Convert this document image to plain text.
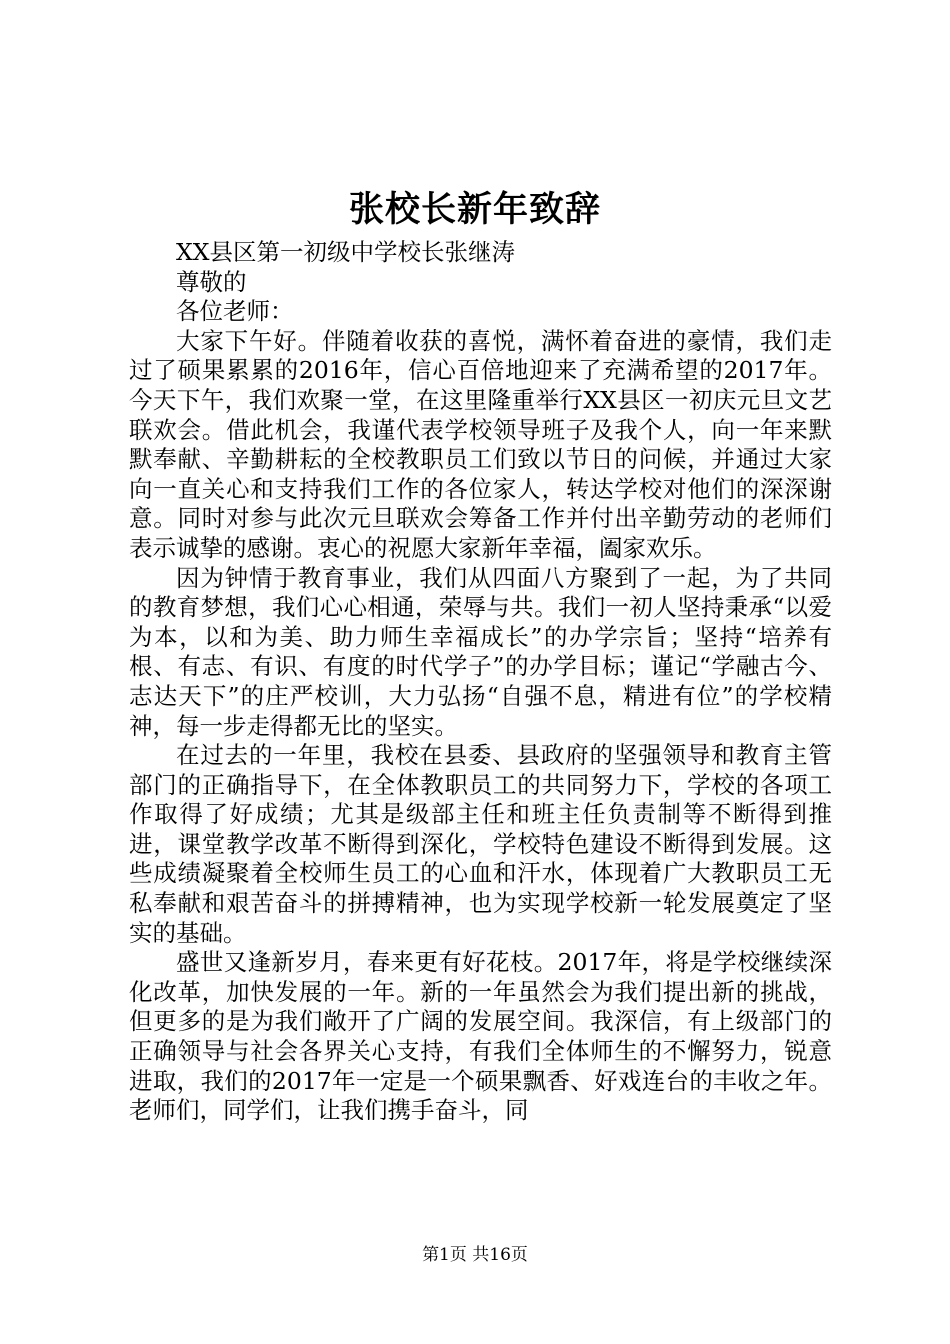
张校长新年致辞

XX县区第一初级中学校长张继涛

尊敬的

各位老师：

大家下午好。伴随着收获的喜悦，满怀着奋进的豪情，我们走过了硕果累累的2016年，信心百倍地迎来了充满希望的2017年。今天下午，我们欢聚一堂，在这里隆重举行XX县区一初庆元旦文艺联欢会。借此机会，我谨代表学校领导班子及我个人，向一年来默默奉献、辛勤耕耘的全校教职员工们致以节日的问候，并通过大家向一直关心和支持我们工作的各位家人，转达学校对他们的深深谢意。同时对参与此次元旦联欢会筹备工作并付出辛勤劳动的老师们表示诚挚的感谢。衷心的祝愿大家新年幸福，阖家欢乐。

因为钟情于教育事业，我们从四面八方聚到了一起，为了共同的教育梦想，我们心心相通，荣辱与共。我们一初人坚持秉承“以爱为本，以和为美、助力师生幸福成长”的办学宗旨；坚持“培养有根、有志、有识、有度的时代学子”的办学目标；谨记“学融古今、志达天下”的庄严校训，大力弘扬“自强不息，精进有位”的学校精神，每一步走得都无比的坚实。

在过去的一年里，我校在县委、县政府的坚强领导和教育主管部门的正确指导下，在全体教职员工的共同努力下，学校的各项工作取得了好成绩；尤其是级部主任和班主任负责制等不断得到推进，课堂教学改革不断得到深化，学校特色建设不断得到发展。这些成绩凝聚着全校师生员工的心血和汗水，体现着广大教职员工无私奉献和艰苦奋斗的拼搏精神，也为实现学校新一轮发展奠定了坚实的基础。

盛世又逢新岁月，春来更有好花枝。2017年，将是学校继续深化改革，加快发展的一年。新的一年虽然会为我们提出新的挑战，但更多的是为我们敞开了广阔的发展空间。我深信，有上级部门的正确领导与社会各界关心支持，有我们全体师生的不懈努力，锐意进取，我们的2017年一定是一个硕果飘香、好戏连台的丰收之年。老师们，同学们，让我们携手奋斗，同

第1页 共16页
